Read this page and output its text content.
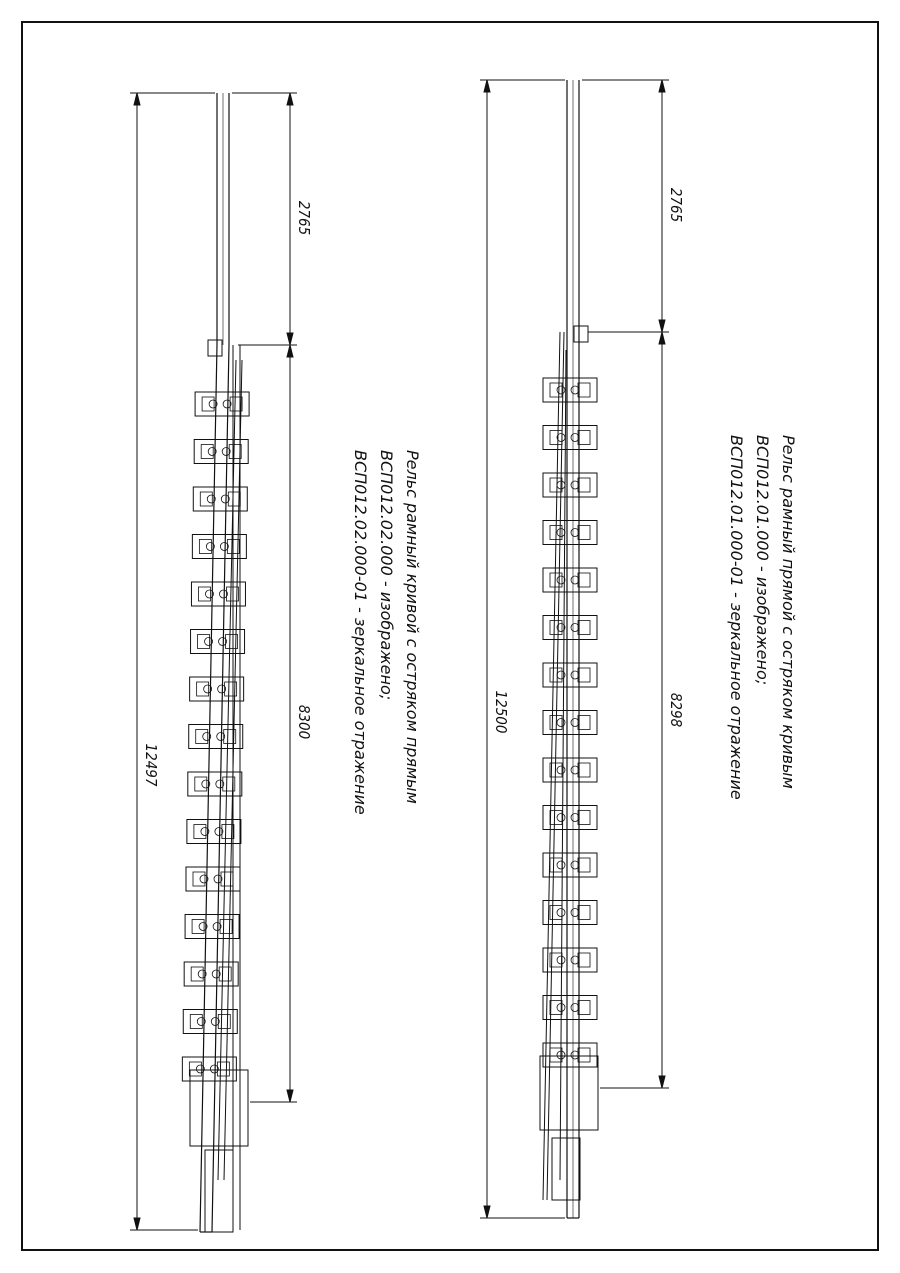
12497
2765
8300	Рельс рамный кривой с остряком прямым
ВСП012.02.000 - изображено;
ВСП012.02.000-01 - зеркальное отражение	12500
2765
8298	Рельс рамный прямой с остряком кривым
ВСП012.01.000 - изображено;
ВСП012.01.000-01 - зеркальное отражение
